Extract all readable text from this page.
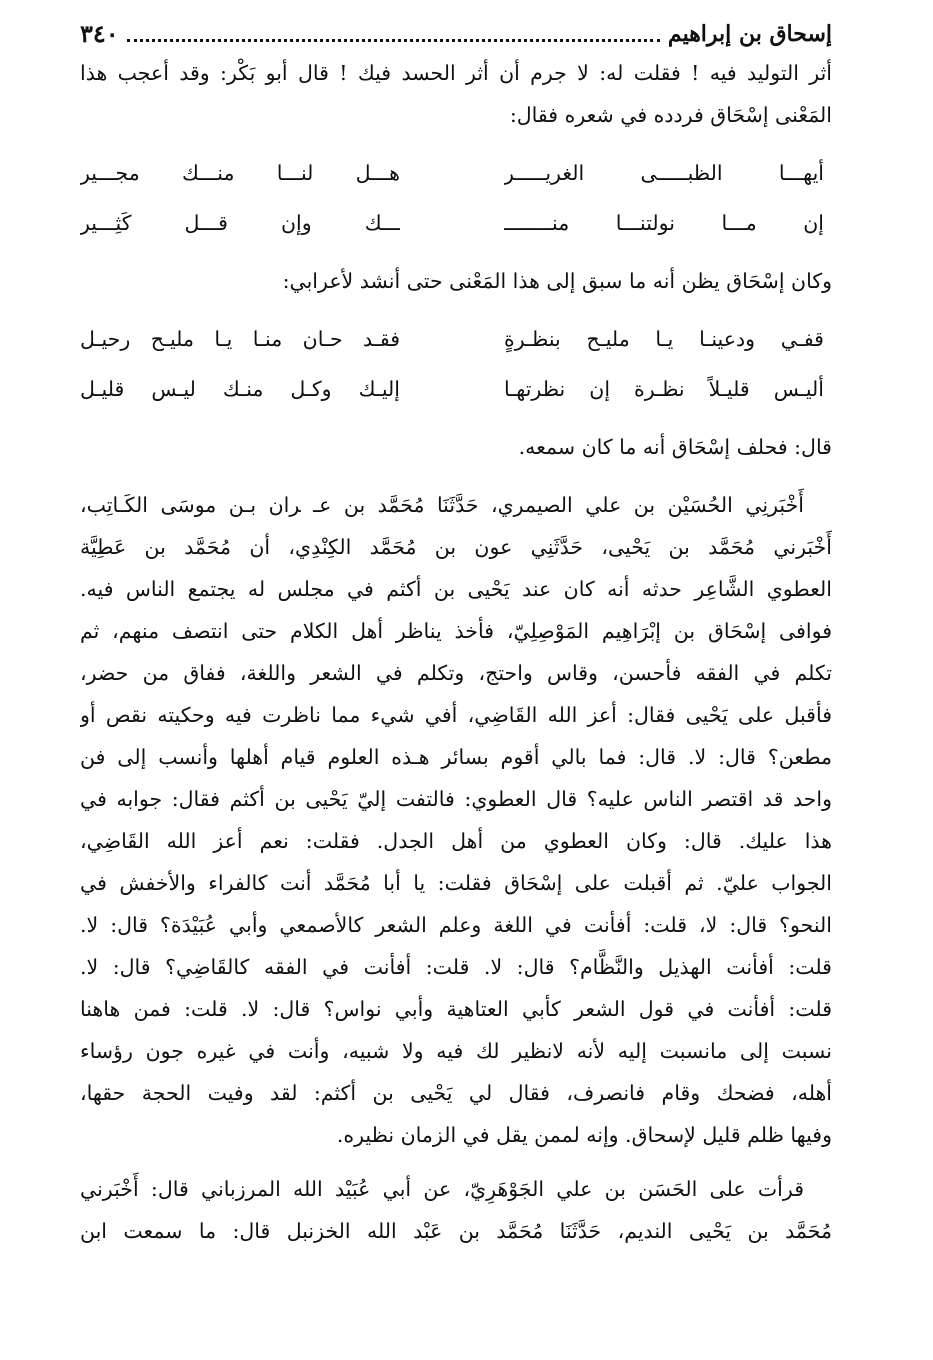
إسحاق بن إبراهيم
٣٤٠
أثر التوليد فيه ! فقلت له: لا جرم أن أثر الحسد فيك ! قال أبو بَكْر: وقد أعجب هذا
المَعْنى إسْحَاق فردده في شعره فقال:
أيهـــا الظبـــــى الغريـــــر
هـــل لنـــا منـــك مجـــير
إن مـــا نولتنـــا منــــــــ
ـــك وإن قـــل كَثِـــير
وكان إسْحَاق يظن أنه ما سبق إلى هذا المَعْنى حتى أنشد لأعرابي:
قفـي ودعينـا يـا مليـح بنظـرةٍ
فقـد حـان منـا يـا مليـح رحيـل
أليـس قليـلاً نظـرة إن نظرتهـا
إليـك وكـل منـك ليـس قليـل
قال: فحلف إسْحَاق أنه ما كان سمعه.
أَخْبَرنِي الحُسَيْن بن علي الصيمري، حَدَّثَنَا مُحَمَّد بن ﻋـ ﺮان بـن ﻣﻮسَى الكَـاتِب،
أَخْبَرني مُحَمَّد بن يَحْيى، حَدَّثَنِي عون بن مُحَمَّد الكِنْدِي، أن مُحَمَّد بن عَطِيَّة
العطوي الشَّاعِر حدثه أنه كان عند يَحْيى بن أكثم في مجلس له يجتمع الناس فيه.
فوافى إسْحَاق بن إبْرَاهِيم المَوْصِلِيّ، فأخذ يناظر أهل الكلام حتى انتصف منهم، ثم
تكلم في الفقه فأحسن، وقاس واحتج، وتكلم في الشعر واللغة، ففاق من حضر،
فأقبل على يَحْيى فقال: أعز الله القَاضِي، أفي شيء مما ناظرت فيه وحكيته نقص أو
مطعن؟ قال: لا. قال: فما بالي أقوم بسائر هـذه العلوم قيام أهلها وأنسب إلى فن
واحد قد اقتصر الناس عليه؟ قال العطوي: فالتفت إليّ يَحْيى بن أكثم فقال: جوابه في
هذا عليك. قال: وكان العطوي من أهل الجدل. فقلت: نعم أعز الله القَاضِي،
الجواب عليّ. ثم أقبلت على إسْحَاق فقلت: يا أبا مُحَمَّد أنت كالفراء والأخفش في
النحو؟ قال: لا، قلت: أفأنت في اللغة وعلم الشعر كالأصمعي وأبي عُبَيْدَة؟ قال: لا.
قلت: أفأنت الهذيل والنَّظَّام؟ قال: لا. قلت: أفأنت في الفقه كالقَاضِي؟ قال: لا.
قلت: أفأنت في قول الشعر كأبي العتاهية وأبي نواس؟ قال: لا. قلت: فمن هاهنا
نسبت إلى مانسبت إليه لأنه لانظير لك فيه ولا شبيه، وأنت في غيره جون رؤساء
أهله، فضحك وقام فانصرف، فقال لي يَحْيى بن أكثم: لقد وفيت الحجة حقها،
وفيها ظلم قليل لإسحاق. وإنه لممن يقل في الزمان نظيره.
قرأت على الحَسَن بن علي الجَوْهَرِيّ، عن أبي عُبَيْد الله المرزباني قال: أَخْبَرني
مُحَمَّد بن يَحْيى النديم، حَدَّثَنَا مُحَمَّد بن عَبْد الله الخزنبل قال: ما سمعت ابن
